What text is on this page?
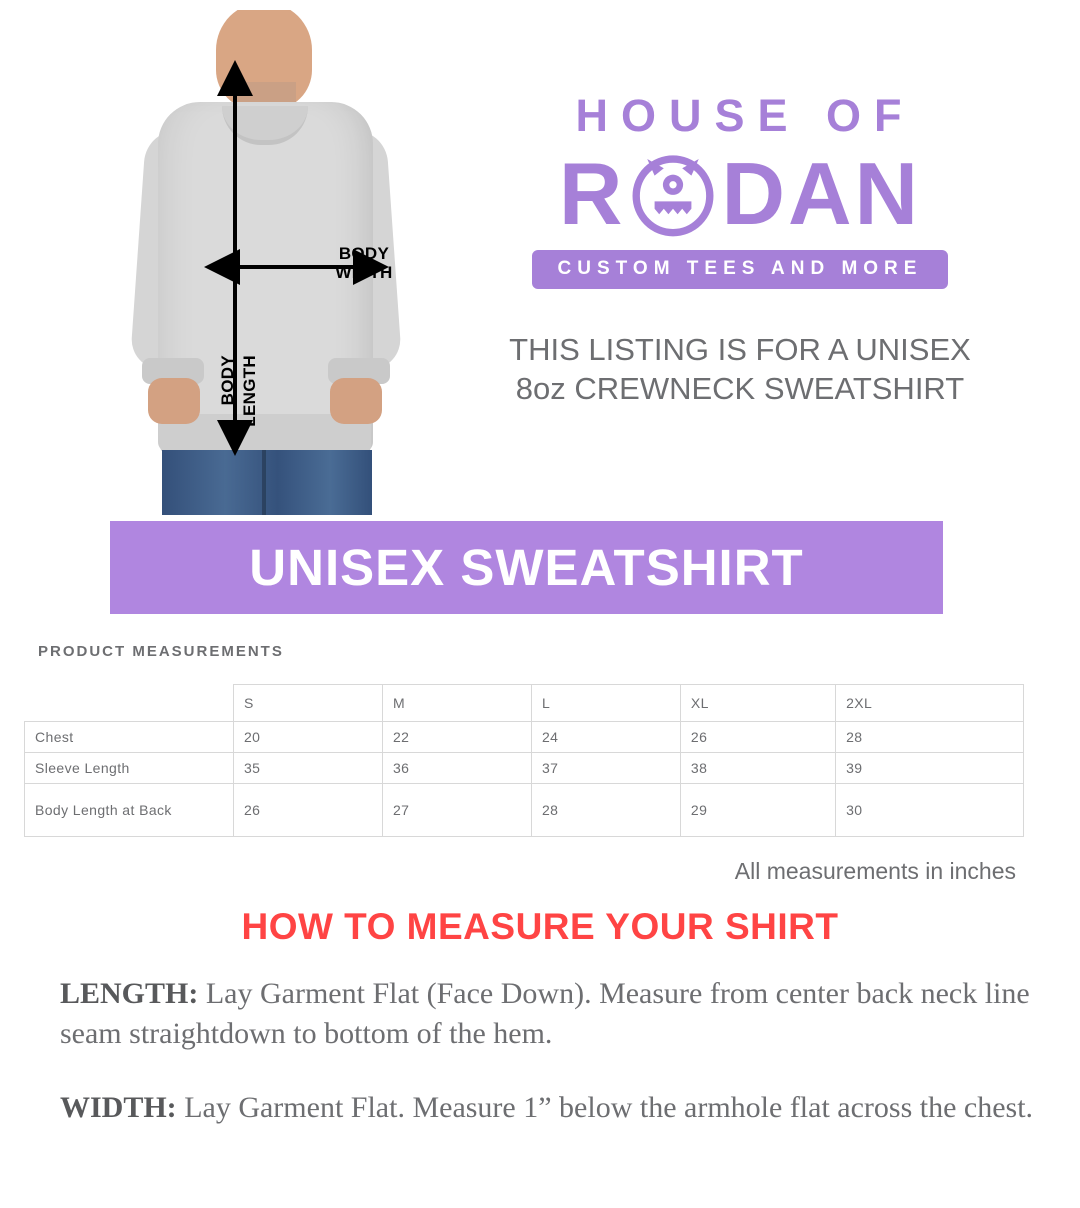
BODY
WIDTH
BODY LENGTH
HOUSE OF
R DAN
CUSTOM TEES AND MORE
THIS LISTING IS FOR A UNISEX
8oz CREWNECK SWEATSHIRT
UNISEX SWEATSHIRT
PRODUCT MEASUREMENTS
	S	M	L	XL	2XL
Chest	20	22	24	26	28
Sleeve Length	35	36	37	38	39
Body Length at Back	26	27	28	29	30
All measurements in inches
HOW TO MEASURE YOUR SHIRT
LENGTH: Lay Garment Flat (Face Down). Measure from center back neck line seam straightdown to bottom of the hem.
WIDTH: Lay Garment Flat. Measure 1” below the armhole flat across the chest.
